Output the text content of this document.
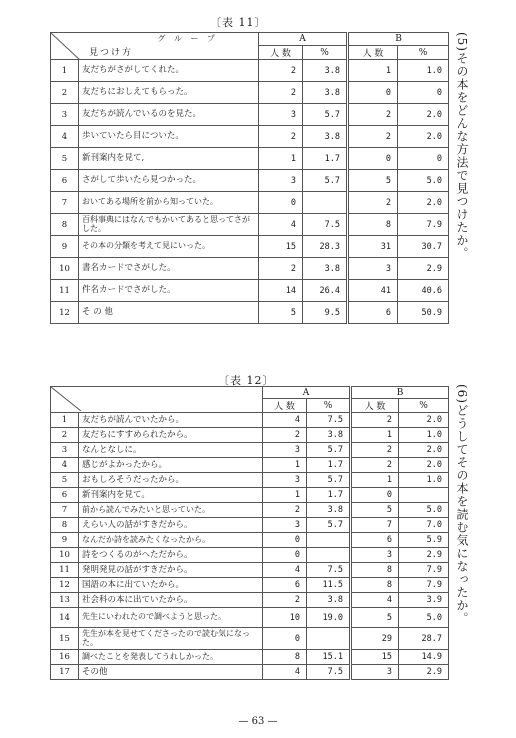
〔表 11〕
グ ル ー プ
見つけ方		A		B	
		人 数	%	人 数	%
1	友だちがさがしてくれた。	2	3.8	1	1.0
2	友だちにおしえてもらった。	2	3.8	0	0
3	友だちが読んでいるのを見た。	3	5.7	2	2.0
4	歩いていたら目についた。	2	3.8	2	2.0
5	新刊案内を見て,	1	1.7	0	0
6	さがして歩いたら見つかった。	3	5.7	5	5.0
7	おいてある場所を前から知っていた。	0		2	2.0
8	百科事典にはなんでもかいてあると思ってさがした。	4	7.5	8	7.9
9	その本の分類を考えて見にいった。	15	28.3	31	30.7
10	書名カードでさがした。	2	3.8	3	2.9
11	件名カードでさがした。	14	26.4	41	40.6
12	そ の 他	5	9.5	6	50.9
(5)その本をどんな方法で見つけたか。
〔表 12〕
	A		B	
		人 数	%	人 数	%
1	友だちが読んでいたから。	4	7.5	2	2.0
2	友だちにすすめられたから。	2	3.8	1	1.0
3	なんとなしに。	3	5.7	2	2.0
4	感じがよかったから。	1	1.7	2	2.0
5	おもしろそうだったから。	3	5.7	1	1.0
6	新刊案内を見て。	1	1.7	0	
7	前から読んでみたいと思っていた。	2	3.8	5	5.0
8	えらい人の話がすきだから。	3	5.7	7	7.0
9	なんだか詩を読みたくなったから。	0		6	5.9
10	詩をつくるのがへただから。	0		3	2.9
11	発明発見の話がすきだから。	4	7.5	8	7.9
12	国語の本に出ていたから。	6	11.5	8	7.9
13	社会科の本に出ていたから。	2	3.8	4	3.9
14	先生にいわれたので調べようと思った。	10	19.0	5	5.0
15	先生が本を見せてくださったので読む気になった。	0		29	28.7
16	調べたことを発表してうれしかった。	8	15.1	15	14.9
17	その他	4	7.5	3	2.9
(6)どうしてその本を読む気になったか。
— 63 —
